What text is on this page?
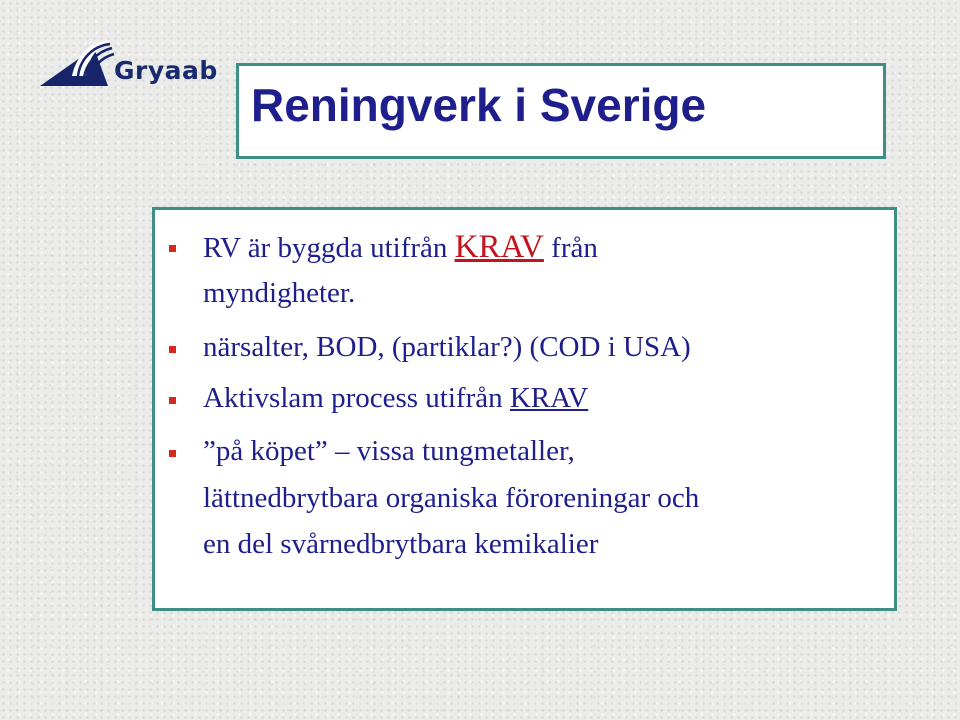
Gryaab
Reningverk i Sverige
RV är byggda utifrån KRAV från
myndigheter.
närsalter, BOD, (partiklar?) (COD i USA)
Aktivslam process utifrån KRAV
”på köpet” – vissa tungmetaller,
lättnedbrytbara organiska föroreningar och
en del svårnedbrytbara kemikalier
